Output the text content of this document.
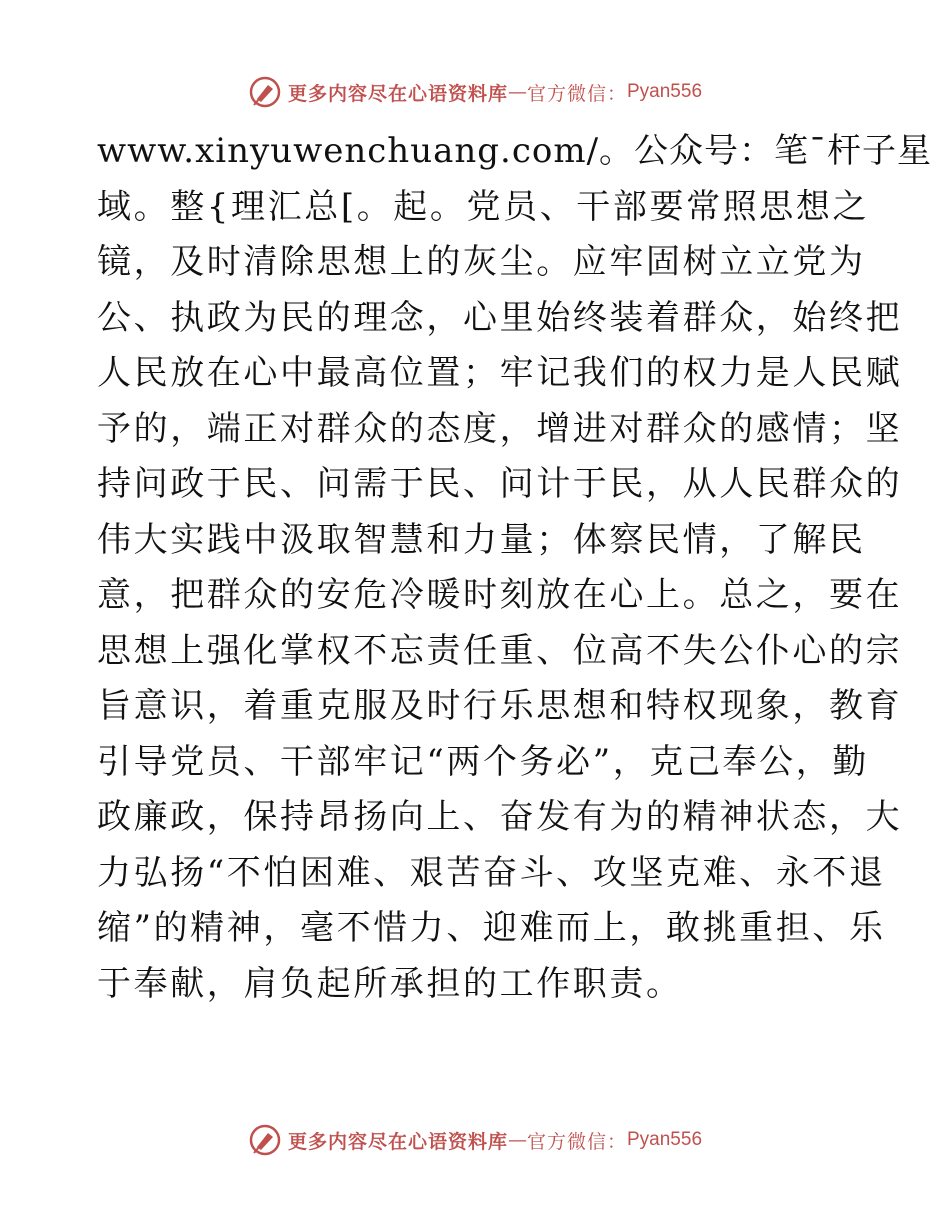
更多内容尽在心语资料库 — 官方微信： Pyan556
www.xinyuwenchuang.com/。公众号：笔¯杆子星
域。整{理汇总[。起。党员、干部要常照思想之
镜，及时清除思想上的灰尘。应牢固树立立党为
公、执政为民的理念，心里始终装着群众，始终把
人民放在心中最高位置；牢记我们的权力是人民赋
予的，端正对群众的态度，增进对群众的感情；坚
持问政于民、问需于民、问计于民，从人民群众的
伟大实践中汲取智慧和力量；体察民情，了解民
意，把群众的安危冷暖时刻放在心上。总之，要在
思想上强化掌权不忘责任重、位高不失公仆心的宗
旨意识，着重克服及时行乐思想和特权现象，教育
引导党员、干部牢记“两个务必”，克己奉公，勤
政廉政，保持昂扬向上、奋发有为的精神状态，大
力弘扬“不怕困难、艰苦奋斗、攻坚克难、永不退
缩”的精神，毫不惜力、迎难而上，敢挑重担、乐
于奉献，肩负起所承担的工作职责。
更多内容尽在心语资料库 — 官方微信： Pyan556
